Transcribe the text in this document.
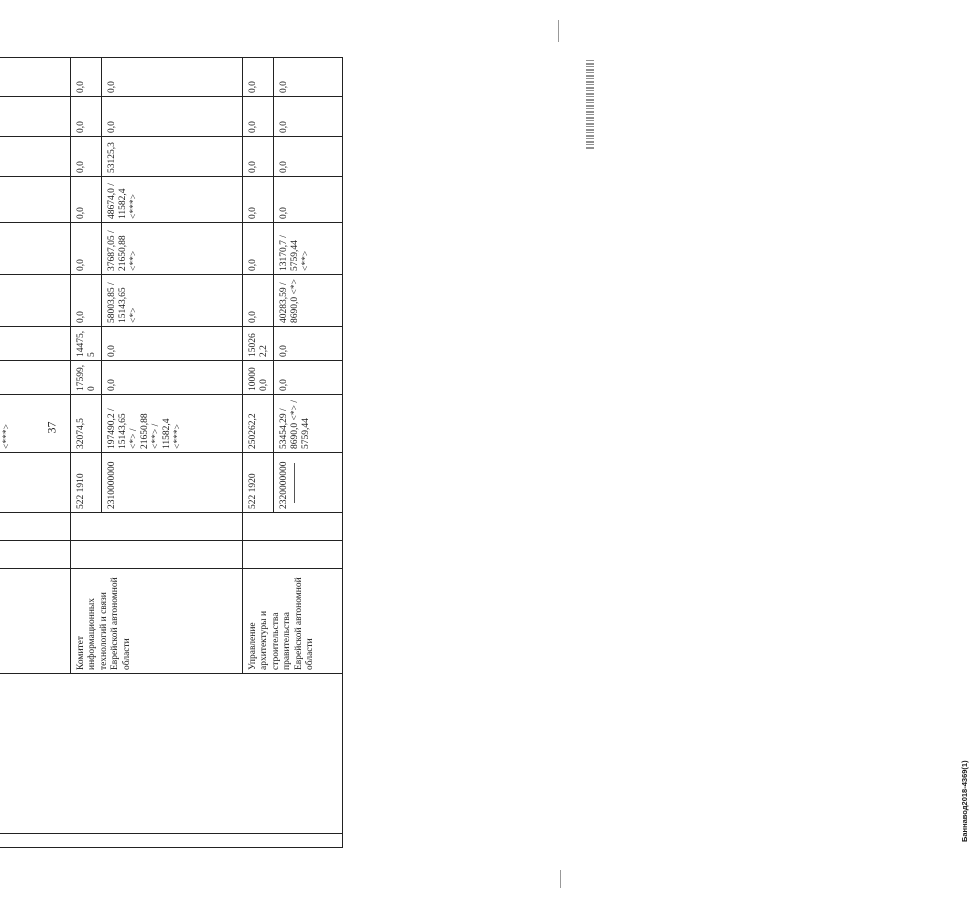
37
Баннавод2018-4369(1)

						<***>								
		Комитет информационных технологий и связи Еврейской автономной области			522 1910	32074,5	17599,0	14475,5	0,0	0,0	0,0	0,0	0,0	0,0
					2310000000	197490,2 / 15143,65 <*> / 21650,88 <**> / 11582,4 <***>	0,0	0,0	58003,85 / 15143,65 <*>	37687,05 / 21650,88 <**>	48674,0 / 11582,4 <***>	53125,3	0,0	0,0
		Управление архитектуры и строительства правительства Еврейской автономной области			522 1920	250262,2	100000,0	150262,2	0,0	0,0	0,0	0,0	0,0	0,0
					2320000000	53454,29 / 8690,0 <*> / 5759,44	0,0	0,0	40283,59 / 8690,0 <*>	13170,7 / 5759,44 <**>	0,0	0,0	0,0	0,0
